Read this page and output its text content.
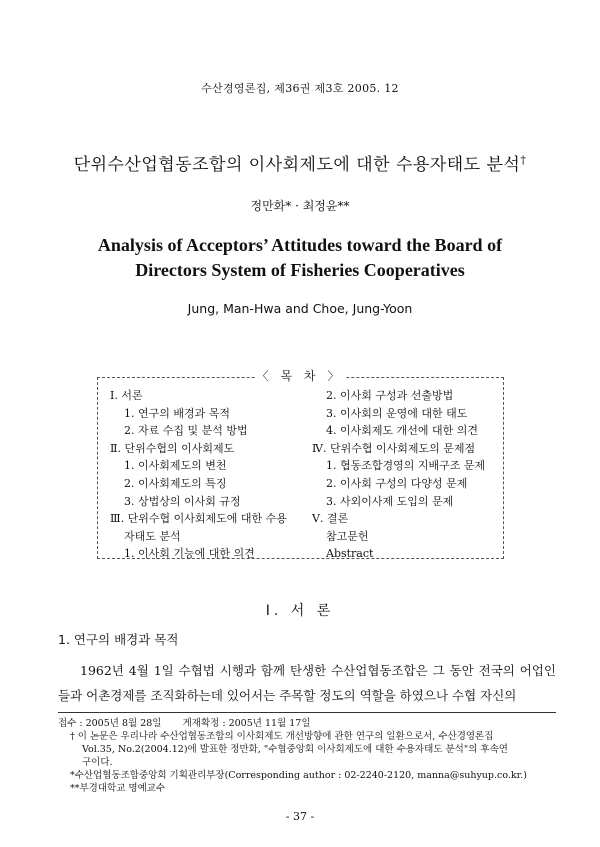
수산경영론집, 제36권 제3호 2005. 12
단위수산업협동조합의 이사회제도에 대한 수용자태도 분석†
정만화* · 최정윤**
Analysis of Acceptors’ Attitudes toward the Board of
Directors System of Fisheries Cooperatives
Jung, Man-Hwa and Choe, Jung-Yoon
〈 목 차 〉
Ⅰ. 서론
1. 연구의 배경과 목적
2. 자료 수집 및 분석 방법
Ⅱ. 단위수협의 이사회제도
1. 이사회제도의 변천
2. 이사회제도의 특징
3. 상법상의 이사회 규정
Ⅲ. 단위수협 이사회제도에 대한 수용
자태도 분석
1. 이사회 기능에 대한 의견
2. 이사회 구성과 선출방법
3. 이사회의 운영에 대한 태도
4. 이사회제도 개선에 대한 의견
Ⅳ. 단위수협 이사회제도의 문제점
1. 협동조합경영의 지배구조 문제
2. 이사회 구성의 다양성 문제
3. 사외이사제 도입의 문제
Ⅴ. 결론
참고문헌
Abstract
Ⅰ. 서 론
1. 연구의 배경과 목적

1962년 4월 1일 수협법 시행과 함께 탄생한 수산업협동조합은 그 동안 전국의 어업인들과 어촌경제를 조직화하는데 있어서는 주목할 정도의 역할을 하였으나 수협 자신의

접수 : 2005년 8월 28일 게재확정 : 2005년 11월 17일
† 이 논문은 우리나라 수산업협동조합의 이사회제도 개선방향에 관한 연구의 일환으로서, 수산경영론집
Vol.35, No.2(2004.12)에 발표한 정만화, "수협중앙회 이사회제도에 대한 수용자태도 분석"의 후속연
구이다.
*수산업협동조합중앙회 기획관리부장(Corresponding author : 02-2240-2120, manna@suhyup.co.kr.)
**부경대학교 명예교수
- 37 -
